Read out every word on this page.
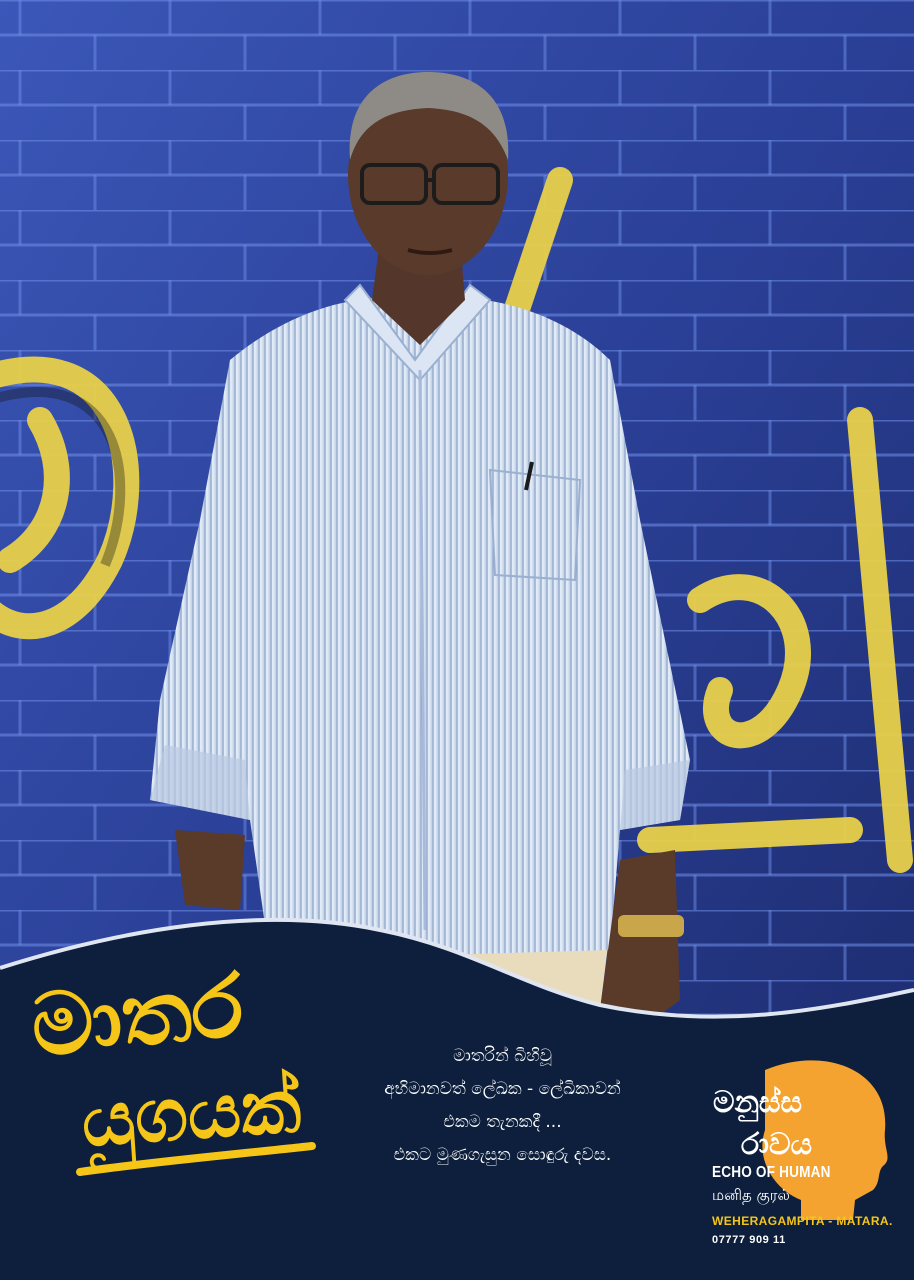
මාතර
යුගයක්
මාතරින් බිහිවූ
අභිමානවත් ලේඛක - ලේඛිකාවන්
එකම තැනකදී ...
එකට මුණගැසුන සොඳුරු දවස.
මනුස්ස
රාවය
ECHO OF HUMAN
மனித குரல்
WEHERAGAMPITA - MATARA.
07777 909 11
